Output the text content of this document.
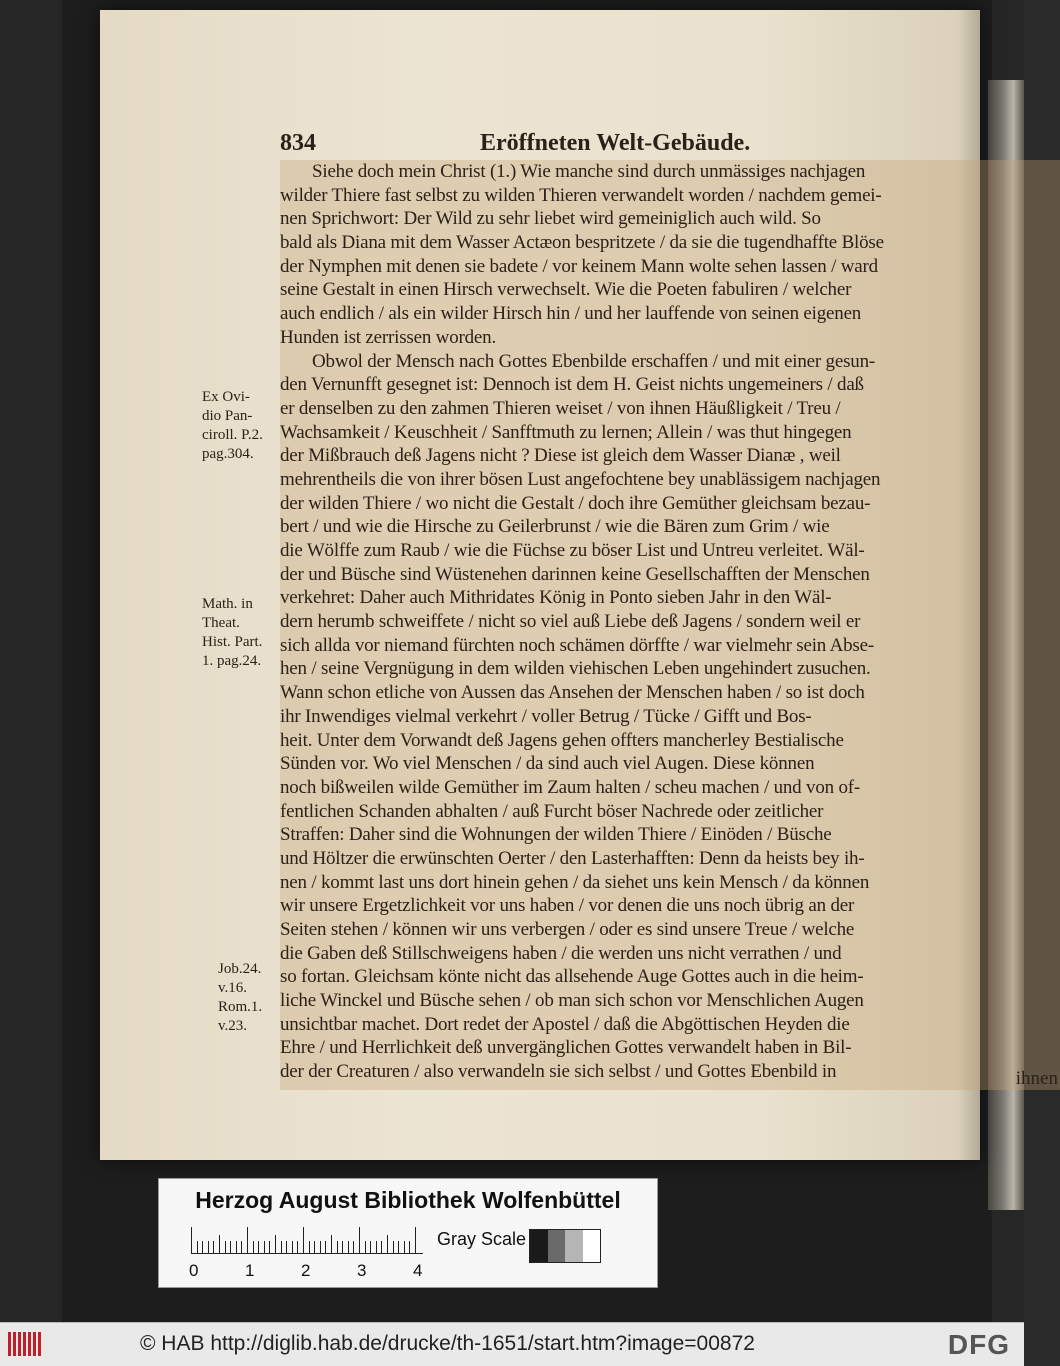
Ex Ovi-
dio Pan-
ciroll. P.2.
pag.304.
Math. in
Theat.
Hist. Part.
1. pag.24.
Job.24.
v.16.
Rom.1.
v.23.
834	Eröffneten Welt-Gebäude.
Siehe doch mein Christ (1.) Wie manche sind durch unmässiges nachjagen
wilder Thiere fast selbst zu wilden Thieren verwandelt worden / nachdem gemei-
nen Sprichwort: Der Wild zu sehr liebet wird gemeiniglich auch wild. So
bald als Diana mit dem Wasser Actæon bespritzete / da sie die tugendhaffte Blöse
der Nymphen mit denen sie badete / vor keinem Mann wolte sehen lassen / ward
seine Gestalt in einen Hirsch verwechselt. Wie die Poeten fabuliren / welcher
auch endlich / als ein wilder Hirsch hin / und her lauffende von seinen eigenen
Hunden ist zerrissen worden.
Obwol der Mensch nach Gottes Ebenbilde erschaffen / und mit einer gesun-
den Vernunfft gesegnet ist: Dennoch ist dem H. Geist nichts ungemeiners / daß
er denselben zu den zahmen Thieren weiset / von ihnen Häußligkeit / Treu /
Wachsamkeit / Keuschheit / Sanfftmuth zu lernen; Allein / was thut hingegen
der Mißbrauch deß Jagens nicht ? Diese ist gleich dem Wasser Dianæ , weil
mehrentheils die von ihrer bösen Lust angefochtene bey unablässigem nachjagen
der wilden Thiere / wo nicht die Gestalt / doch ihre Gemüther gleichsam bezau-
bert / und wie die Hirsche zu Geilerbrunst / wie die Bären zum Grim / wie
die Wölffe zum Raub / wie die Füchse zu böser List und Untreu verleitet. Wäl-
der und Büsche sind Wüstenehen darinnen keine Gesellschafften der Menschen
verkehret: Daher auch Mithridates König in Ponto sieben Jahr in den Wäl-
dern herumb schweiffete / nicht so viel auß Liebe deß Jagens / sondern weil er
sich allda vor niemand fürchten noch schämen dörffte / war vielmehr sein Abse-
hen / seine Vergnügung in dem wilden viehischen Leben ungehindert zusuchen.
Wann schon etliche von Aussen das Ansehen der Menschen haben / so ist doch
ihr Inwendiges vielmal verkehrt / voller Betrug / Tücke / Gifft und Bos-
heit. Unter dem Vorwandt deß Jagens gehen offters mancherley Bestialische
Sünden vor. Wo viel Menschen / da sind auch viel Augen. Diese können
noch bißweilen wilde Gemüther im Zaum halten / scheu machen / und von of-
fentlichen Schanden abhalten / auß Furcht böser Nachrede oder zeitlicher
Straffen: Daher sind die Wohnungen der wilden Thiere / Einöden / Büsche
und Höltzer die erwünschten Oerter / den Lasterhafften: Denn da heists bey ih-
nen / kommt last uns dort hinein gehen / da siehet uns kein Mensch / da können
wir unsere Ergetzlichkeit vor uns haben / vor denen die uns noch übrig an der
Seiten stehen / können wir uns verbergen / oder es sind unsere Treue / welche
die Gaben deß Stillschweigens haben / die werden uns nicht verrathen / und
so fortan. Gleichsam könte nicht das allsehende Auge Gottes auch in die heim-
liche Winckel und Büsche sehen / ob man sich schon vor Menschlichen Augen
unsichtbar machet. Dort redet der Apostel / daß die Abgöttischen Heyden die
Ehre / und Herrlichkeit deß unvergänglichen Gottes verwandelt haben in Bil-
der der Creaturen / also verwandeln sie sich selbst / und Gottes Ebenbild in	ihnen
Herzog August Bibliothek Wolfenbüttel
0	1	2	3	4
Gray Scale
© HAB http://diglib.hab.de/drucke/th-1651/start.htm?image=00872	DFG
